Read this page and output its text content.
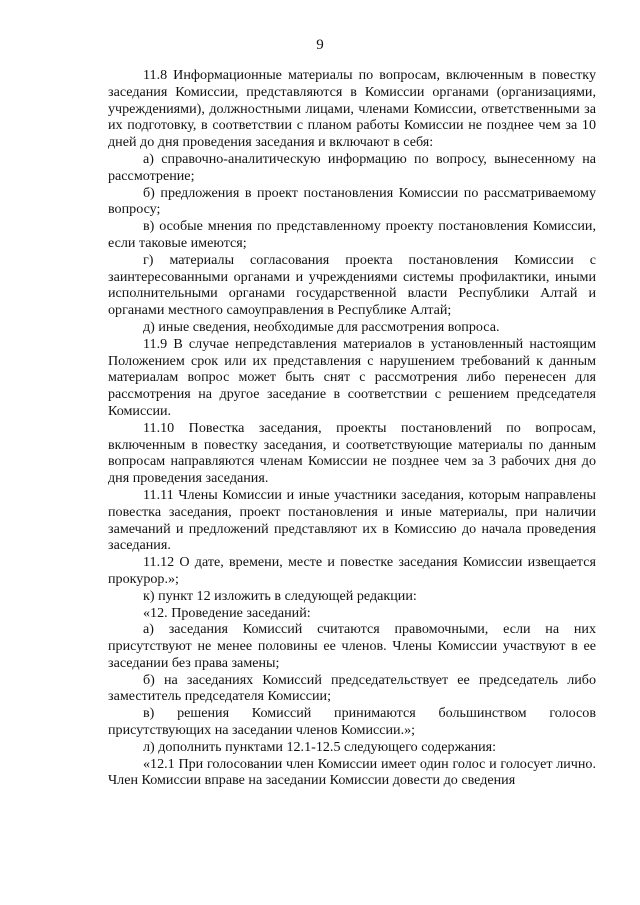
9

11.8 Информационные материалы по вопросам, включенным в повестку заседания Комиссии, представляются в Комиссии органами (организациями, учреждениями), должностными лицами, членами Комиссии, ответственными за их подготовку, в соответствии с планом работы Комиссии не позднее чем за 10 дней до дня проведения заседания и включают в себя:

а) справочно-аналитическую информацию по вопросу, вынесенному на рассмотрение;

б) предложения в проект постановления Комиссии по рассматриваемому вопросу;

в) особые мнения по представленному проекту постановления Комиссии, если таковые имеются;

г) материалы согласования проекта постановления Комиссии с заинтересованными органами и учреждениями системы профилактики, иными исполнительными органами государственной власти Республики Алтай и органами местного самоуправления в Республике Алтай;

д) иные сведения, необходимые для рассмотрения вопроса.

11.9 В случае непредставления материалов в установленный настоящим Положением срок или их представления с нарушением требований к данным материалам вопрос может быть снят с рассмотрения либо перенесен для рассмотрения на другое заседание в соответствии с решением председателя Комиссии.

11.10 Повестка заседания, проекты постановлений по вопросам, включенным в повестку заседания, и соответствующие материалы по данным вопросам направляются членам Комиссии не позднее чем за 3 рабочих дня до дня проведения заседания.

11.11 Члены Комиссии и иные участники заседания, которым направлены повестка заседания, проект постановления и иные материалы, при наличии замечаний и предложений представляют их в Комиссию до начала проведения заседания.

11.12 О дате, времени, месте и повестке заседания Комиссии извещается прокурор.»;

к) пункт 12 изложить в следующей редакции:

«12. Проведение заседаний:

а) заседания Комиссий считаются правомочными, если на них присутствуют не менее половины ее членов. Члены Комиссии участвуют в ее заседании без права замены;

б) на заседаниях Комиссий председательствует ее председатель либо заместитель председателя Комиссии;

в) решения Комиссий принимаются большинством голосов присутствующих на заседании членов Комиссии.»;

л) дополнить пунктами 12.1-12.5 следующего содержания:

«12.1 При голосовании член Комиссии имеет один голос и голосует лично. Член Комиссии вправе на заседании Комиссии довести до сведения
